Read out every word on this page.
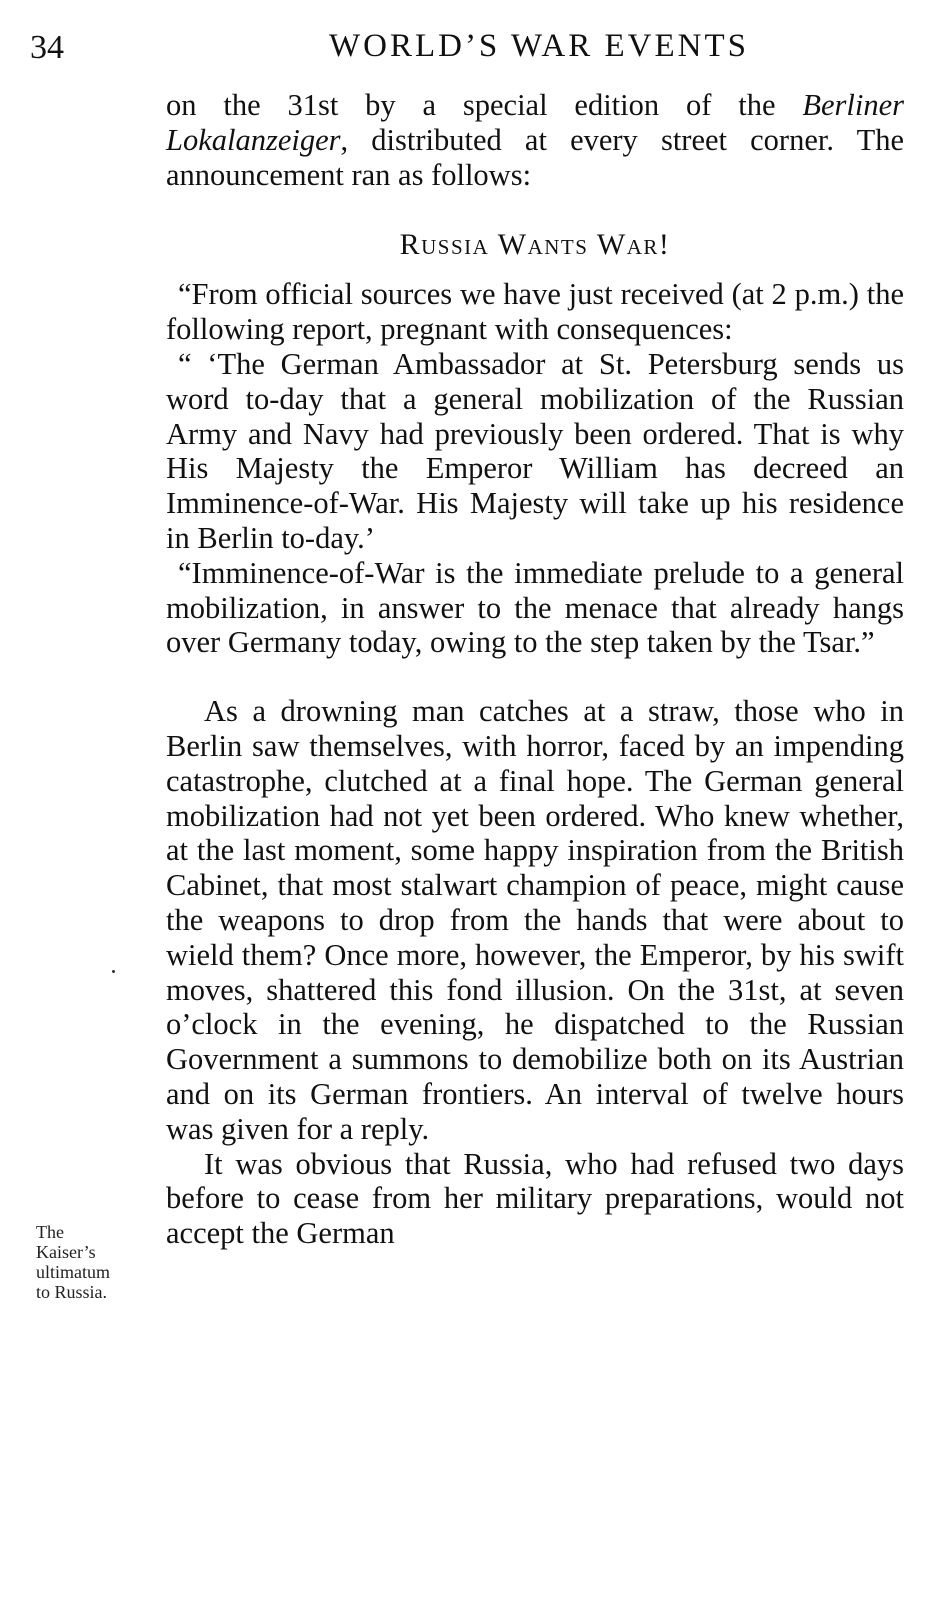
34	WORLD’S WAR EVENTS

on the 31st by a special edition of the Berliner Lokalanzeiger, distributed at every street corner. The announcement ran as follows:

Russia Wants War!

“From official sources we have just received (at 2 p.m.) the following report, pregnant with consequences:

“ ‘The German Ambassador at St. Petersburg sends us word to-day that a general mobilization of the Russian Army and Navy had previously been ordered. That is why His Majesty the Emperor William has decreed an Imminence-of-War. His Majesty will take up his residence in Berlin to-day.’

“Imminence-of-War is the immediate prelude to a general mobilization, in answer to the menace that already hangs over Germany today, owing to the step taken by the Tsar.”

As a drowning man catches at a straw, those who in Berlin saw themselves, with horror, faced by an impending catastrophe, clutched at a final hope. The German general mobilization had not yet been ordered. Who knew whether, at the last moment, some happy inspiration from the British Cabinet, that most stalwart champion of peace, might cause the weapons to drop from the hands that were about to wield them? Once more, however, the Emperor, by his swift moves, shattered this fond illusion. On the 31st, at seven o’clock in the evening, he dispatched to the Russian Government a summons to demobilize both on its Austrian and on its German frontiers. An interval of twelve hours was given for a reply.

It was obvious that Russia, who had refused two days before to cease from her military preparations, would not accept the German

The
Kaiser’s
ultimatum
to Russia.
